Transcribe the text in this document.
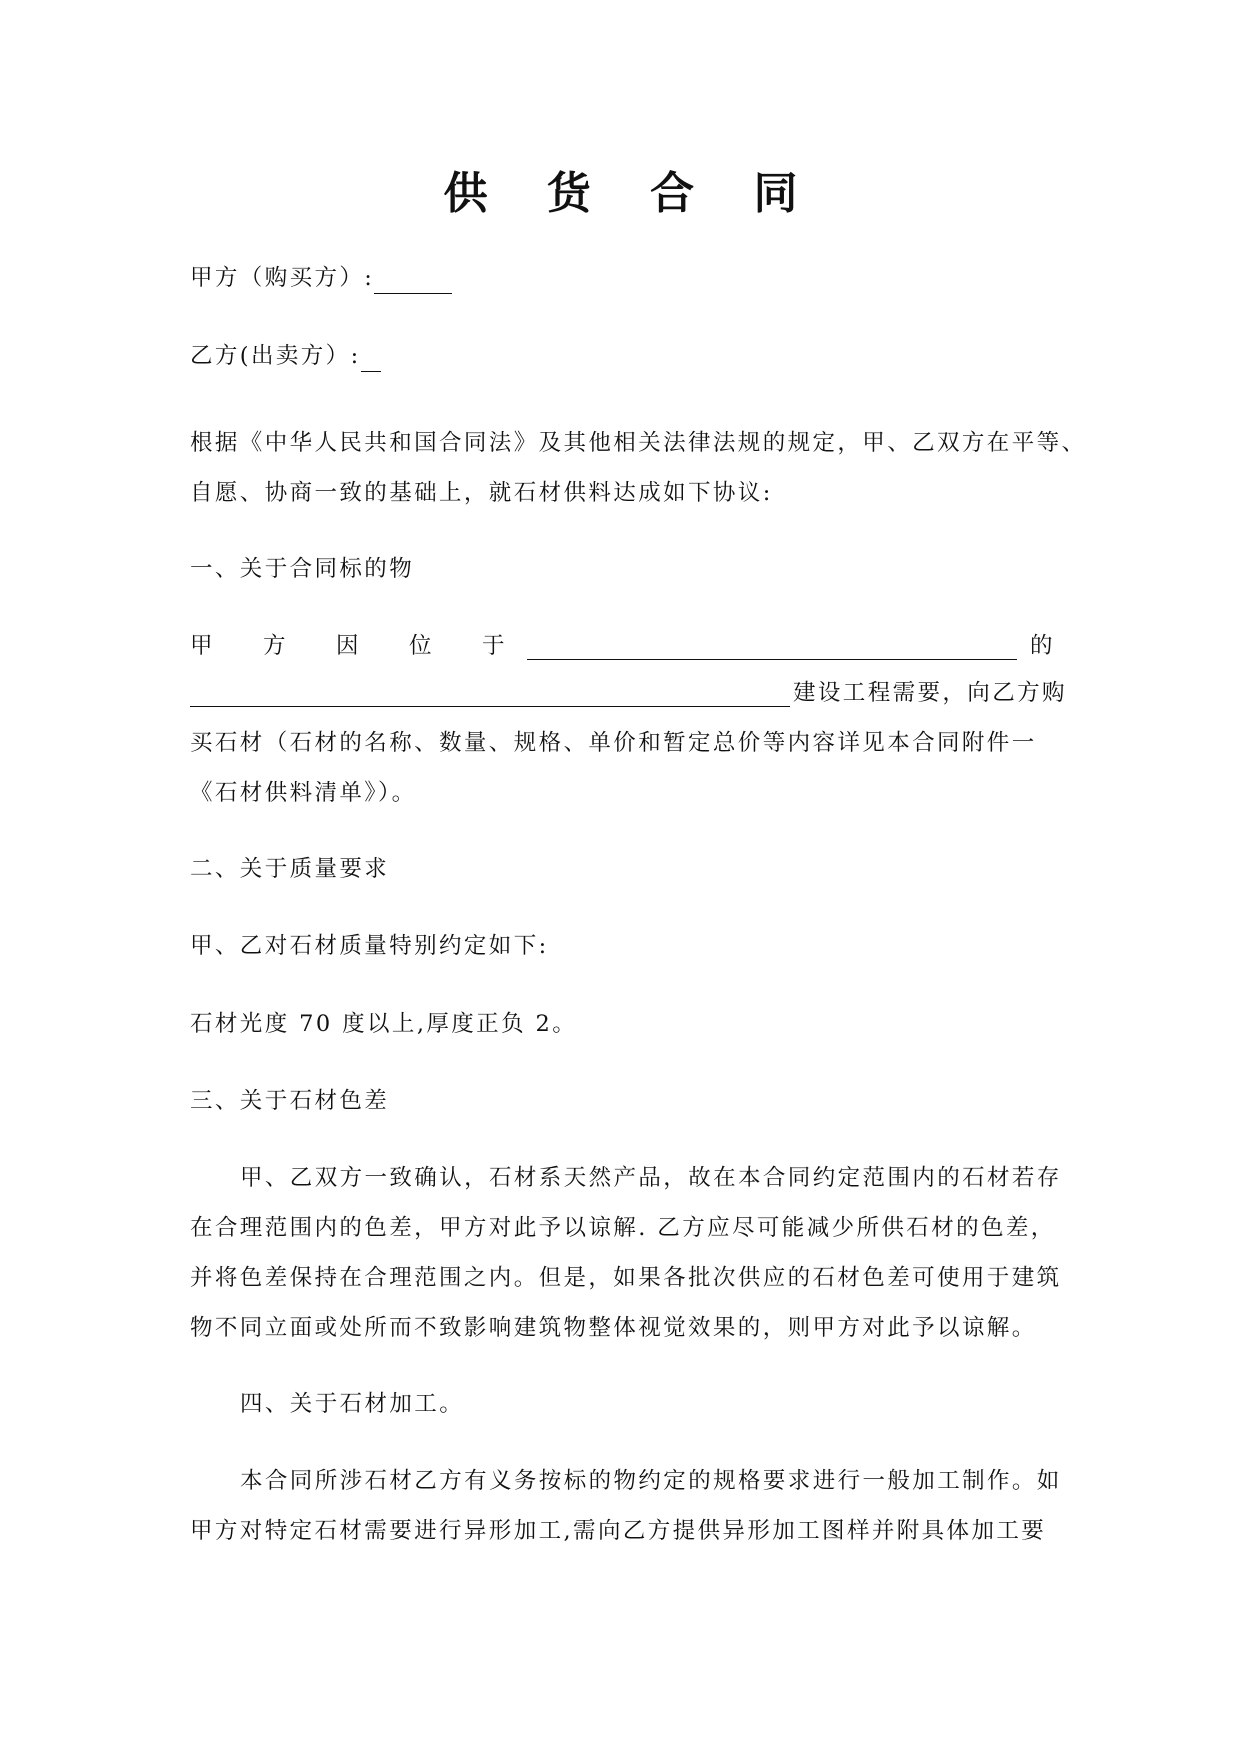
供 货 合 同
甲方（购买方）:
乙方(出卖方）:
根据《中华人民共和国合同法》及其他相关法律法规的规定，甲、乙双方在平等、
自愿、协商一致的基础上，就石材供料达成如下协议:
一、关于合同标的物
甲 方 因 位 于	的
建设工程需要，向乙方购
买石材（石材的名称、数量、规格、单价和暂定总价等内容详见本合同附件一
《石材供料清单》）。
二、关于质量要求
甲、乙对石材质量特别约定如下:
石材光度 70 度以上,厚度正负 2。
三、关于石材色差
甲、乙双方一致确认，石材系天然产品，故在本合同约定范围内的石材若存
在合理范围内的色差，甲方对此予以谅解. 乙方应尽可能减少所供石材的色差，
并将色差保持在合理范围之内。但是，如果各批次供应的石材色差可使用于建筑
物不同立面或处所而不致影响建筑物整体视觉效果的，则甲方对此予以谅解。
四、关于石材加工。
本合同所涉石材乙方有义务按标的物约定的规格要求进行一般加工制作。如
甲方对特定石材需要进行异形加工,需向乙方提供异形加工图样并附具体加工要
